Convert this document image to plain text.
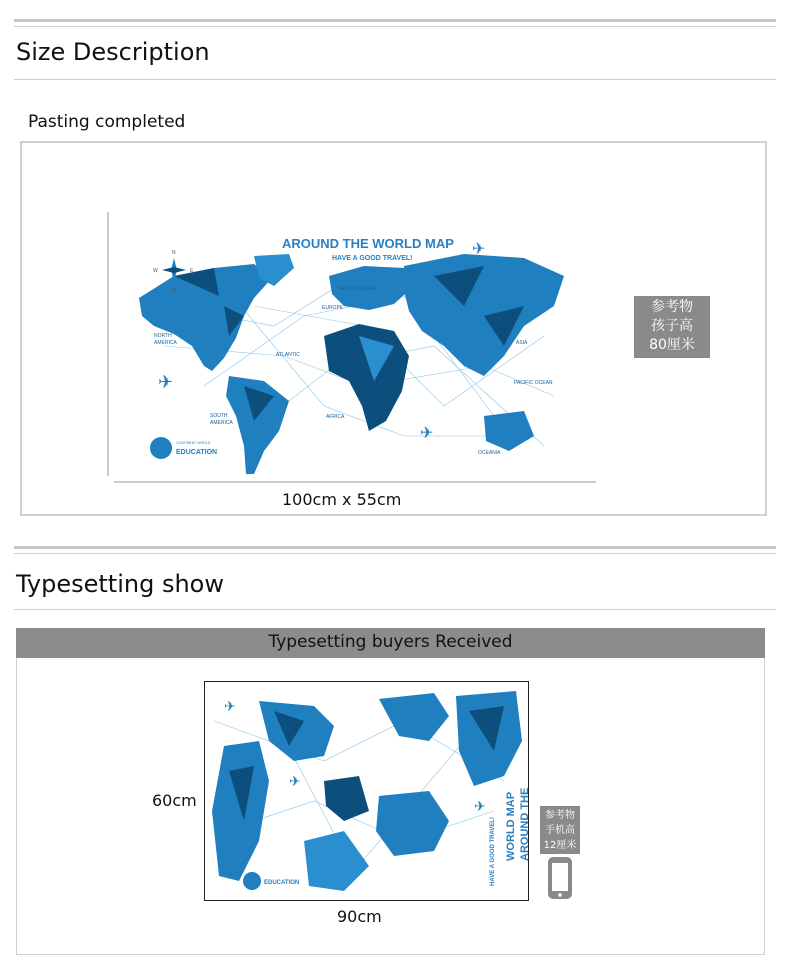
Size Description
Pasting completed
AROUND THE WORLD MAP
HAVE A GOOD TRAVEL!
✈
✈
✈
N
S
W	E
ARCTIC OCEAN
EUROPE
ASIA
NORTH
AMERICA
ATLANTIC
PACIFIC OCEAN
SOUTH
AMERICA
AFRICA
OCEANIA
CONTINENT WORLD
EDUCATION
参考物
孩子高
80厘米
100cm x 55cm
Typesetting show
Typesetting buyers Received
WORLD MAP AROUND THE
HAVE A GOOD TRAVEL!
✈
✈
✈
EDUCATION
60cm
90cm
参考物
手机高
12厘米
